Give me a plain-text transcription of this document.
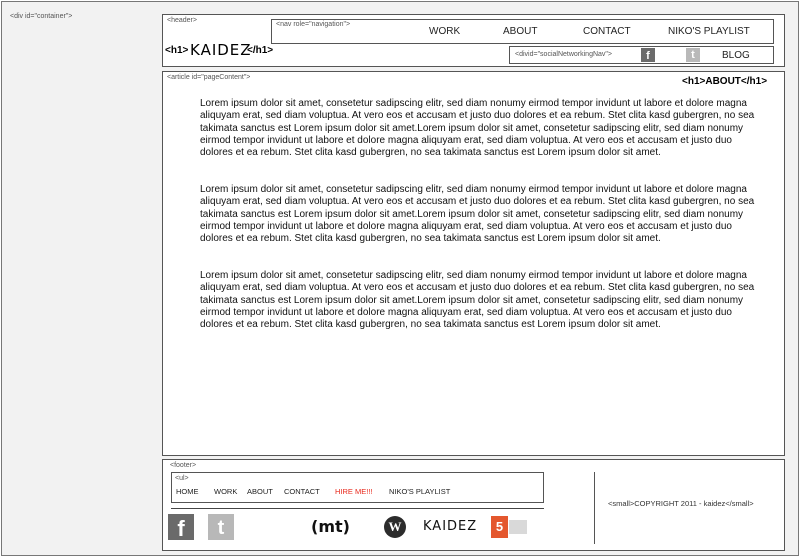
<div id="container">
<header>
<nav role="navigation">
WORK	ABOUT	CONTACT	NIKO'S PLAYLIST
<divid="socialNetworkingNav">	f	t	BLOG
<h1> KAIDEZ
</h1>
<article id="pageContent">	<h1>ABOUT</h1>

Lorem ipsum dolor sit amet, consetetur sadipscing elitr, sed diam nonumy eirmod tempor invidunt ut labore et dolore magna aliquyam erat, sed diam voluptua. At vero eos et accusam et justo duo dolores et ea rebum. Stet clita kasd gubergren, no sea takimata sanctus est Lorem ipsum dolor sit amet.Lorem ipsum dolor sit amet, consetetur sadipscing elitr, sed diam nonumy eirmod tempor invidunt ut labore et dolore magna aliquyam erat, sed diam voluptua. At vero eos et accusam et justo duo dolores et ea rebum. Stet clita kasd gubergren, no sea takimata sanctus est Lorem ipsum dolor sit amet.

Lorem ipsum dolor sit amet, consetetur sadipscing elitr, sed diam nonumy eirmod tempor invidunt ut labore et dolore magna aliquyam erat, sed diam voluptua. At vero eos et accusam et justo duo dolores et ea rebum. Stet clita kasd gubergren, no sea takimata sanctus est Lorem ipsum dolor sit amet.Lorem ipsum dolor sit amet, consetetur sadipscing elitr, sed diam nonumy eirmod tempor invidunt ut labore et dolore magna aliquyam erat, sed diam voluptua. At vero eos et accusam et justo duo dolores et ea rebum. Stet clita kasd gubergren, no sea takimata sanctus est Lorem ipsum dolor sit amet.

Lorem ipsum dolor sit amet, consetetur sadipscing elitr, sed diam nonumy eirmod tempor invidunt ut labore et dolore magna aliquyam erat, sed diam voluptua. At vero eos et accusam et justo duo dolores et ea rebum. Stet clita kasd gubergren, no sea takimata sanctus est Lorem ipsum dolor sit amet.Lorem ipsum dolor sit amet, consetetur sadipscing elitr, sed diam nonumy eirmod tempor invidunt ut labore et dolore magna aliquyam erat, sed diam voluptua. At vero eos et accusam et justo duo dolores et ea rebum. Stet clita kasd gubergren, no sea takimata sanctus est Lorem ipsum dolor sit amet.

<footer>
<ul>
HOME WORK ABOUT CONTACT HIRE ME!!! NIKO'S PLAYLIST
f	t	(mt)	W	KAIDEZ	5
<small>COPYRIGHT 2011 - kaidez</small>
